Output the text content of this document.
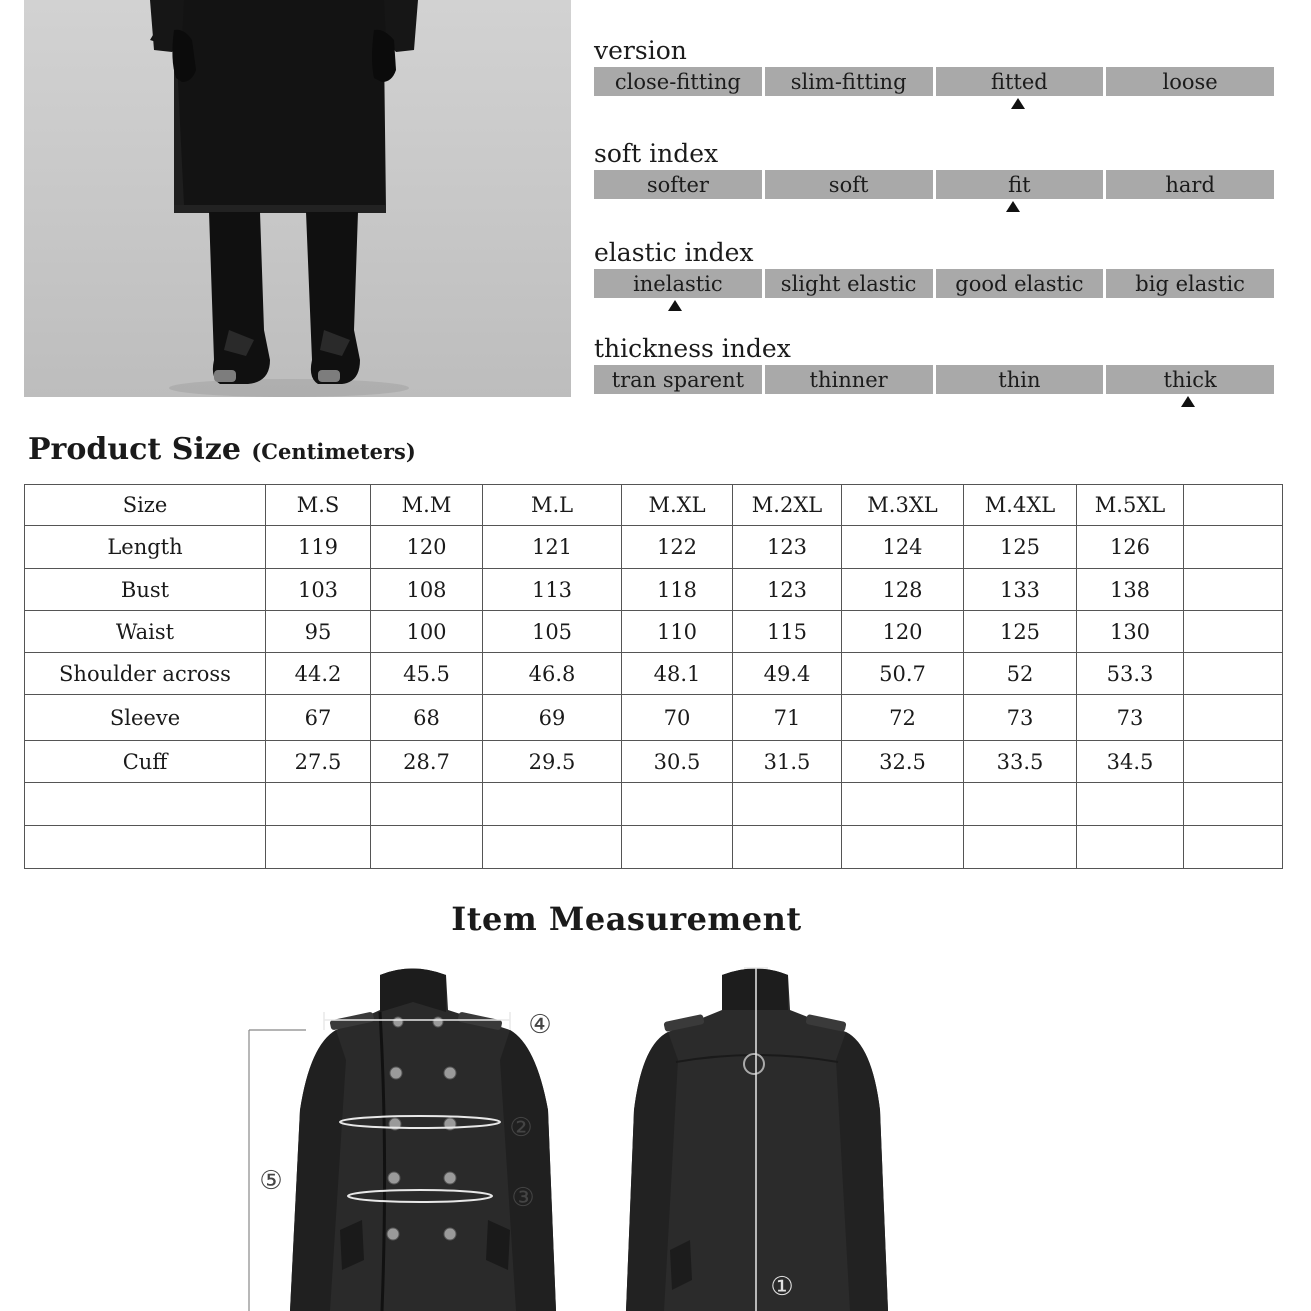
version
close-fitting	slim-fitting	fitted	loose
soft index
softer	soft	fit	hard
elastic index
inelastic	slight elastic	good elastic	big elastic
thickness index
tran sparent	thinner	thin	thick
Product Size (Centimeters)
Size	M.S	M.M	M.L	M.XL	M.2XL	M.3XL	M.4XL	M.5XL	
Length	119	120	121	122	123	124	125	126	
Bust	103	108	113	118	123	128	133	138	
Waist	95	100	105	110	115	120	125	130	
Shoulder across	44.2	45.5	46.8	48.1	49.4	50.7	52	53.3	
Sleeve	67	68	69	70	71	72	73	73	
Cuff	27.5	28.7	29.5	30.5	31.5	32.5	33.5	34.5	

Item Measurement
④
②
③
⑤
①
